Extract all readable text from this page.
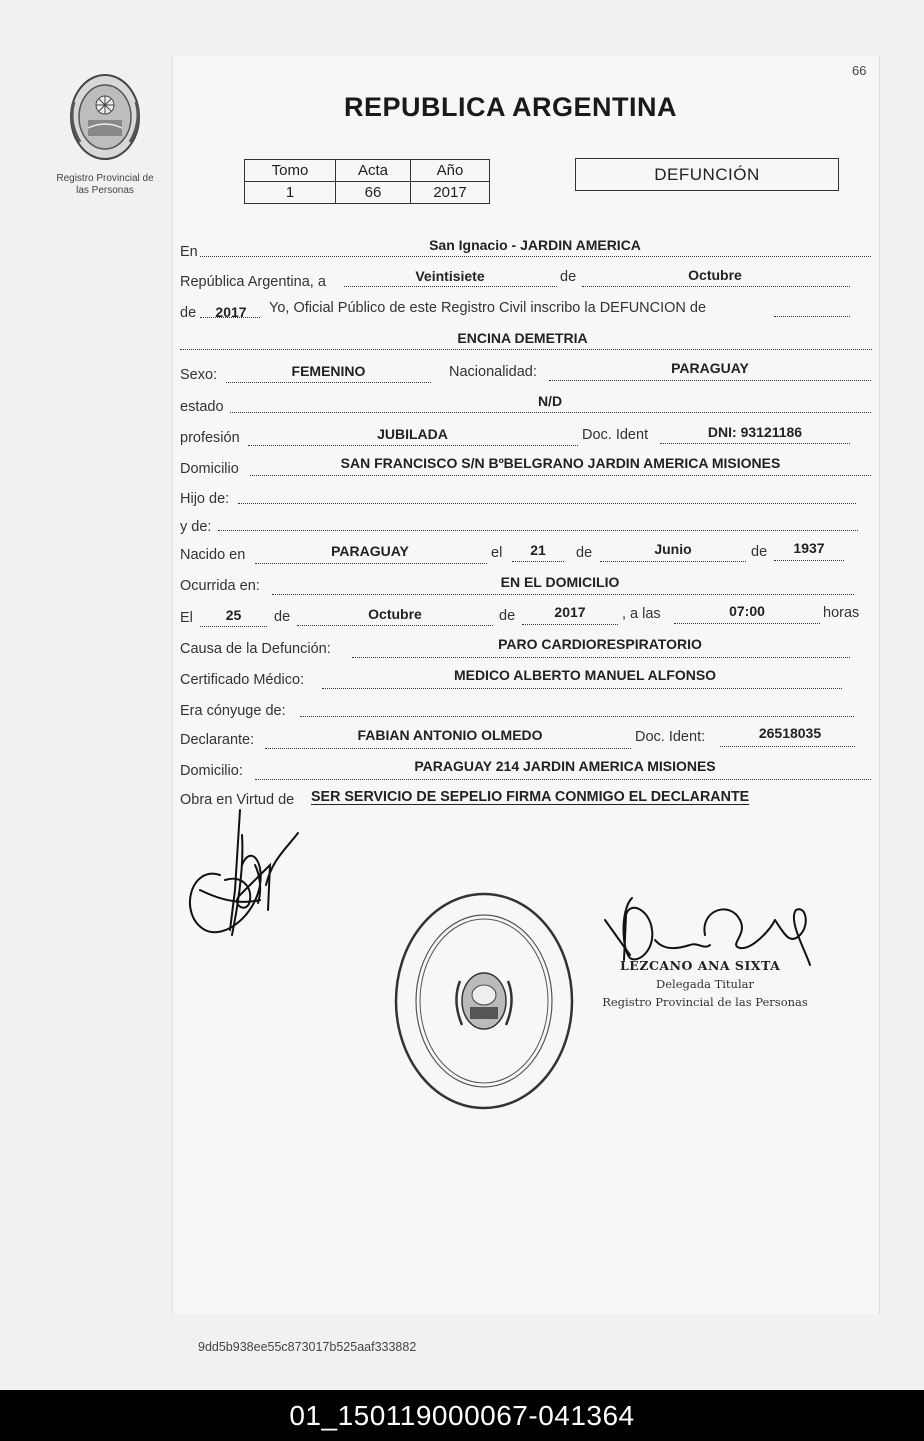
66
Registro Provincial de
las Personas
REPUBLICA ARGENTINA
Tomo	Acta	Año
1	66	2017
DEFUNCIÓN
En	San Ignacio - JARDIN AMERICA
República Argentina, a	Veintisiete	de	Octubre
de	2017	Yo, Oficial Público de este Registro Civil inscribo la DEFUNCION de
ENCINA DEMETRIA
Sexo:	FEMENINO	Nacionalidad:	PARAGUAY
estado	N/D
profesión	JUBILADA	Doc. Ident	DNI: 93121186
Domicilio	SAN FRANCISCO S/N BºBELGRANO JARDIN AMERICA MISIONES
Hijo de:
y de:
Nacido en	PARAGUAY	el	21	de	Junio	de	1937
Ocurrida en:	EN EL DOMICILIO
El	25	de	Octubre	de	2017	, a las	07:00	horas
Causa de la Defunción:	PARO CARDIORESPIRATORIO
Certificado Médico:	MEDICO ALBERTO MANUEL ALFONSO
Era cónyuge de:
Declarante:	FABIAN ANTONIO OLMEDO	Doc. Ident:	26518035
Domicilio:	PARAGUAY 214 JARDIN AMERICA MISIONES
Obra en Virtud de SER SERVICIO DE SEPELIO FIRMA CONMIGO EL DECLARANTE
LEZCANO ANA SIXTA
Delegada Titular
Registro Provincial de las Personas
9dd5b938ee55c873017b525aaf333882
01_150119000067-041364
